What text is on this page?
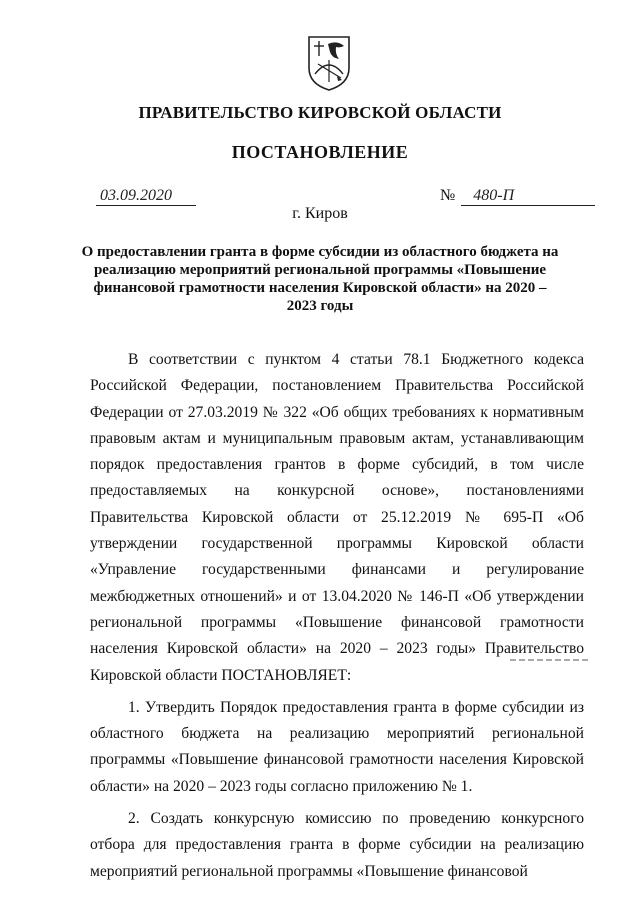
ПРАВИТЕЛЬСТВО КИРОВСКОЙ ОБЛАСТИ
ПОСТАНОВЛЕНИЕ
03.09.2020	№ 480-П
г. Киров
О предоставлении гранта в форме субсидии из областного бюджета на реализацию мероприятий региональной программы «Повышение финансовой грамотности населения Кировской области» на 2020 – 2023 годы

В соответствии с пунктом 4 статьи 78.1 Бюджетного кодекса Российской Федерации, постановлением Правительства Российской Федерации от 27.03.2019 № 322 «Об общих требованиях к нормативным правовым актам и муниципальным правовым актам, устанавливающим порядок предоставления грантов в форме субсидий, в том числе предоставляемых на конкурсной основе», постановлениями Правительства Кировской области от 25.12.2019 № 695-П «Об утверждении государственной программы Кировской области «Управление государственными финансами и регулирование межбюджетных отношений» и от 13.04.2020 № 146-П «Об утверждении региональной программы «Повышение финансовой грамотности населения Кировской области» на 2020 – 2023 годы» Правительство Кировской области ПОСТАНОВЛЯЕТ:

1. Утвердить Порядок предоставления гранта в форме субсидии из областного бюджета на реализацию мероприятий региональной программы «Повышение финансовой грамотности населения Кировской области» на 2020 – 2023 годы согласно приложению № 1.

2. Создать конкурсную комиссию по проведению конкурсного отбора для предоставления гранта в форме субсидии на реализацию мероприятий региональной программы «Повышение финансовой
